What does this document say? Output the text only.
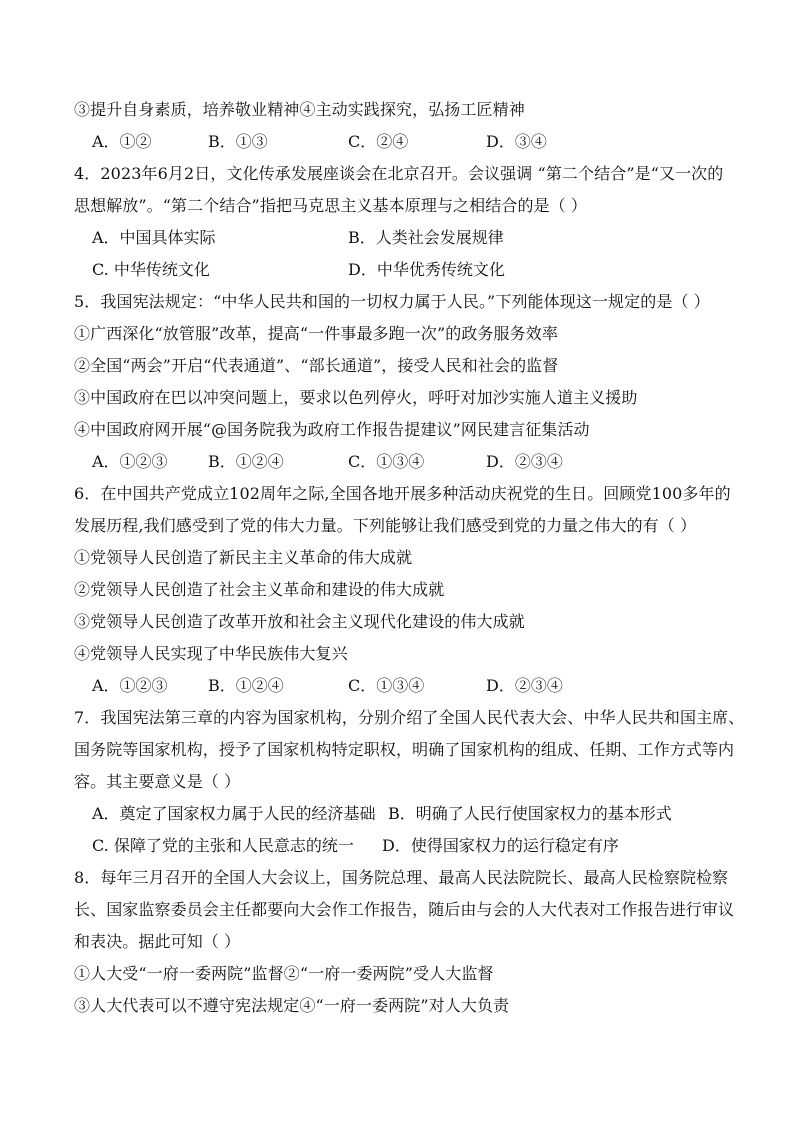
③提升自身素质，培养敬业精神④主动实践探究，弘扬工匠精神
A．①②	B．①③	C．②④	D．③④
4．2023年6月2日，文化传承发展座谈会在北京召开。会议强调 “第二个结合”是“又一次的
思想解放”。“第二个结合”指把马克思主义基本原理与之相结合的是（ ）
A．中国具体实际	B．人类社会发展规律
C. 中华传统文化	D．中华优秀传统文化
5．我国宪法规定：“中华人民共和国的一切权力属于人民。”下列能体现这一规定的是（ ）
①广西深化“放管服”改革，提高“一件事最多跑一次”的政务服务效率
②全国“两会”开启“代表通道”、“部长通道”，接受人民和社会的监督
③中国政府在巴以冲突问题上，要求以色列停火，呼吁对加沙实施人道主义援助
④中国政府网开展“@国务院我为政府工作报告提建议”网民建言征集活动
A．①②③	B．①②④	C．①③④	D．②③④
6．在中国共产党成立102周年之际,全国各地开展多种活动庆祝党的生日。回顾党100多年的
发展历程,我们感受到了党的伟大力量。下列能够让我们感受到党的力量之伟大的有（ ）
①党领导人民创造了新民主主义革命的伟大成就
②党领导人民创造了社会主义革命和建设的伟大成就
③党领导人民创造了改革开放和社会主义现代化建设的伟大成就
④党领导人民实现了中华民族伟大复兴
A．①②③	B．①②④	C．①③④	D．②③④
7．我国宪法第三章的内容为国家机构，分别介绍了全国人民代表大会、中华人民共和国主席、
国务院等国家机构，授予了国家机构特定职权，明确了国家机构的组成、任期、工作方式等内
容。其主要意义是（ ）
A．奠定了国家权力属于人民的经济基础 B．明确了人民行使国家权力的基本形式
C. 保障了党的主张和人民意志的统一 D．使得国家权力的运行稳定有序
8．每年三月召开的全国人大会议上，国务院总理、最高人民法院院长、最高人民检察院检察
长、国家监察委员会主任都要向大会作工作报告，随后由与会的人大代表对工作报告进行审议
和表决。据此可知（ ）
①人大受“一府一委两院”监督②“一府一委两院”受人大监督
③人大代表可以不遵守宪法规定④“一府一委两院”对人大负责
